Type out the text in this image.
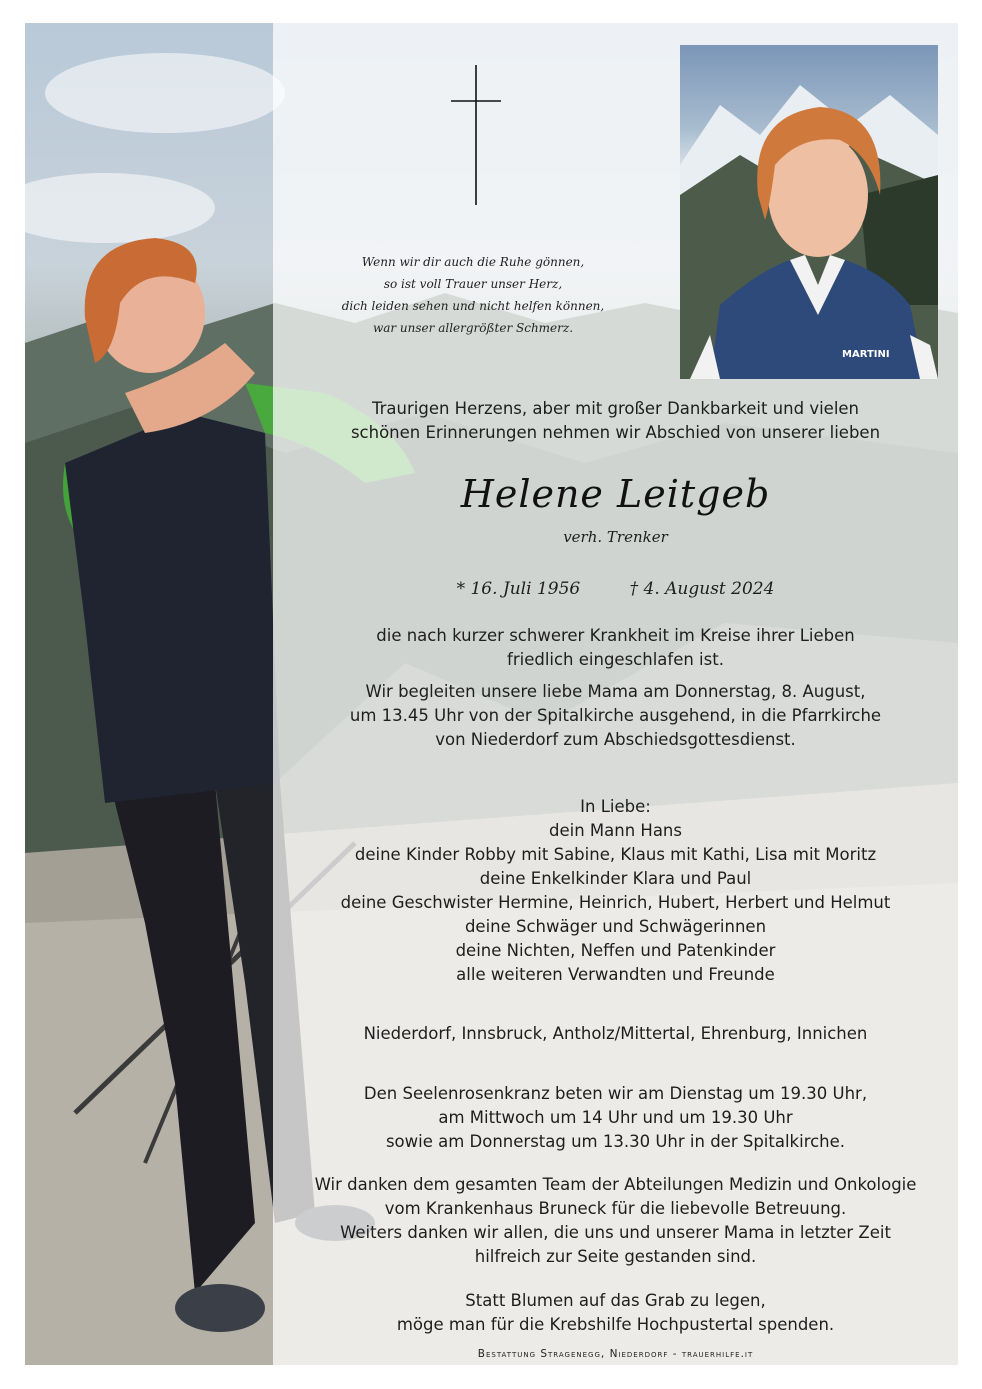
MARTINI
Wenn wir dir auch die Ruhe gönnen,
so ist voll Trauer unser Herz,
dich leiden sehen und nicht helfen können,
war unser allergrößter Schmerz.
Traurigen Herzens, aber mit großer Dankbarkeit und vielen
schönen Erinnerungen nehmen wir Abschied von unserer lieben
Helene Leitgeb
verh. Trenker
* 16. Juli 1956	† 4. August 2024
die nach kurzer schwerer Krankheit im Kreise ihrer Lieben
friedlich eingeschlafen ist.
Wir begleiten unsere liebe Mama am Donnerstag, 8. August,
um 13.45 Uhr von der Spitalkirche ausgehend, in die Pfarrkirche
von Niederdorf zum Abschiedsgottesdienst.
In Liebe:
dein Mann Hans
deine Kinder Robby mit Sabine, Klaus mit Kathi, Lisa mit Moritz
deine Enkelkinder Klara und Paul
deine Geschwister Hermine, Heinrich, Hubert, Herbert und Helmut
deine Schwäger und Schwägerinnen
deine Nichten, Neffen und Patenkinder
alle weiteren Verwandten und Freunde
Niederdorf, Innsbruck, Antholz/Mittertal, Ehrenburg, Innichen
Den Seelenrosenkranz beten wir am Dienstag um 19.30 Uhr,
am Mittwoch um 14 Uhr und um 19.30 Uhr
sowie am Donnerstag um 13.30 Uhr in der Spitalkirche.
Wir danken dem gesamten Team der Abteilungen Medizin und Onkologie
vom Krankenhaus Bruneck für die liebevolle Betreuung.
Weiters danken wir allen, die uns und unserer Mama in letzter Zeit
hilfreich zur Seite gestanden sind.
Statt Blumen auf das Grab zu legen,
möge man für die Krebshilfe Hochpustertal spenden.
Bestattung Stragenegg, Niederdorf - trauerhilfe.it
